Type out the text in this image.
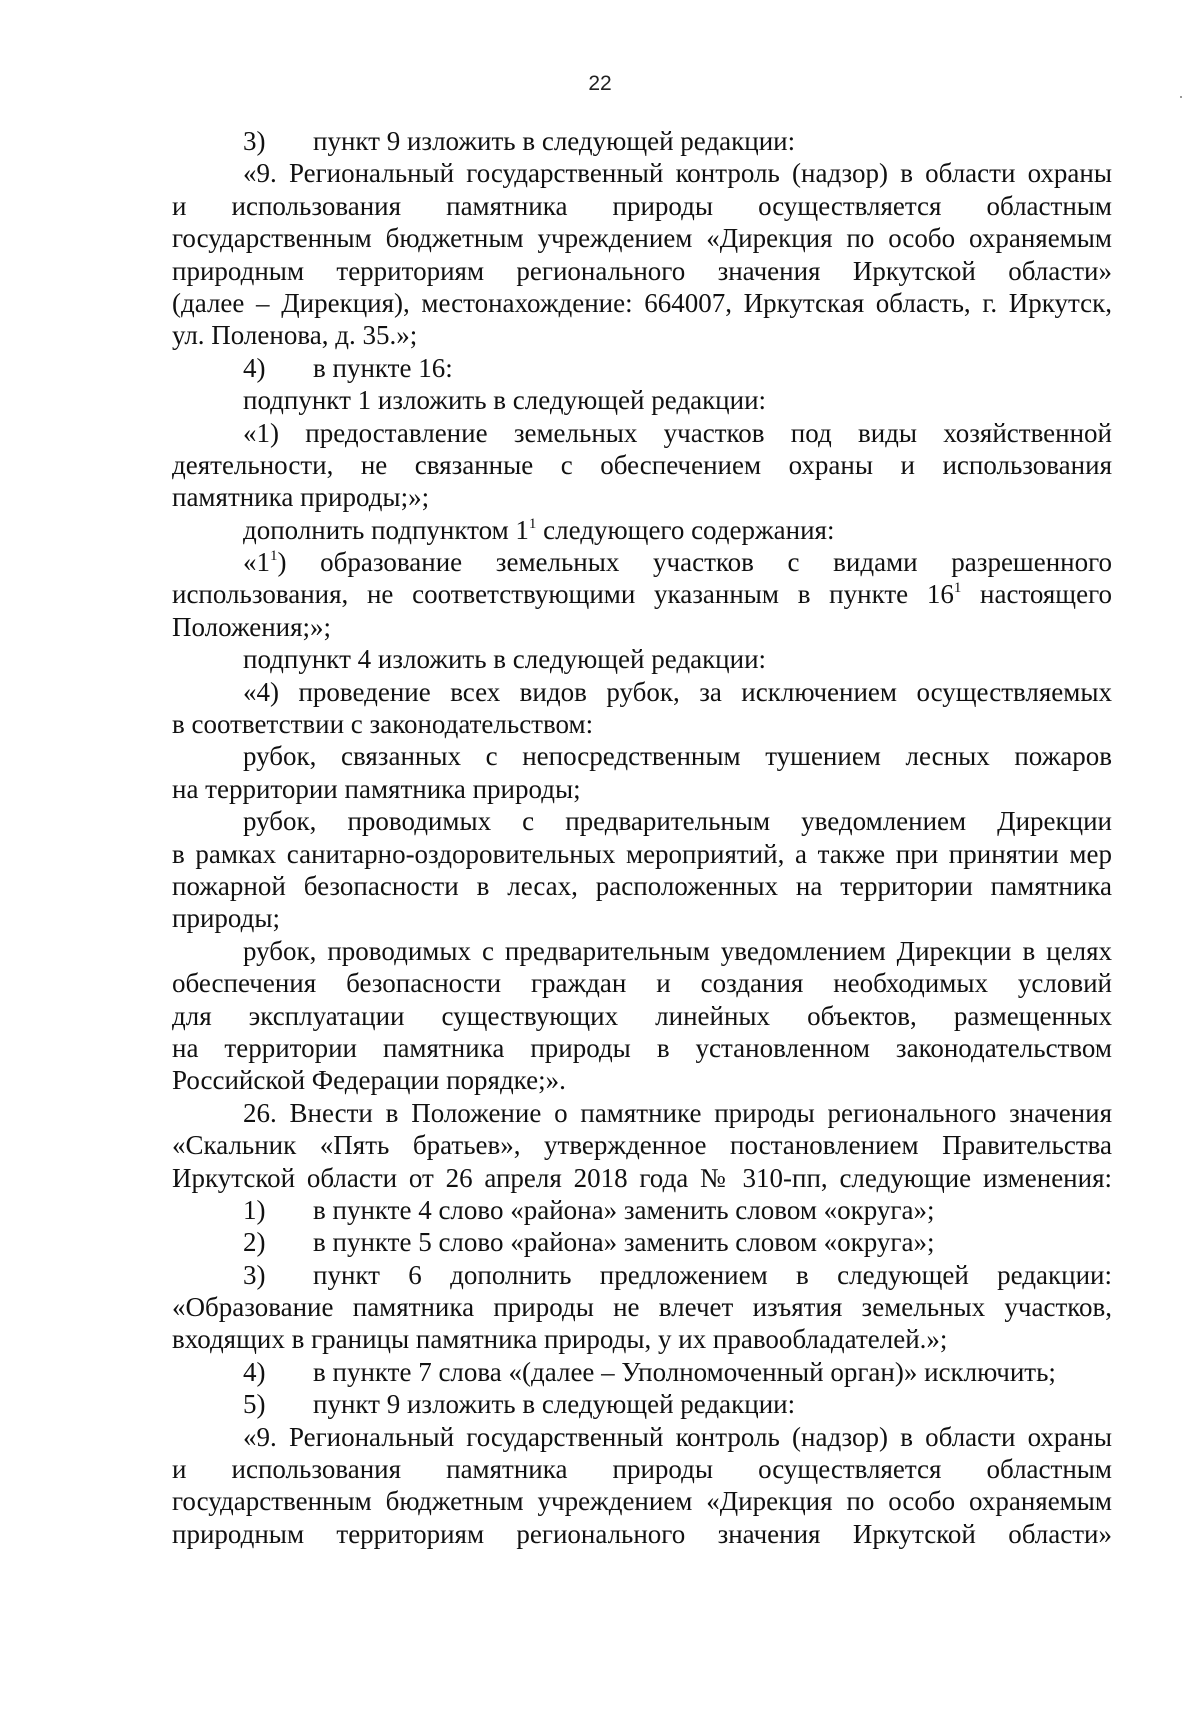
22
3)	пункт 9 изложить в следующей редакции:
«9. Региональный государственный контроль (надзор) в области охраны
и использования памятника природы осуществляется областным
государственным бюджетным учреждением «Дирекция по особо охраняемым
природным территориям регионального значения Иркутской области»
(далее – Дирекция), местонахождение: 664007, Иркутская область, г. Иркутск,
ул. Поленова, д. 35.»;
4)	в пункте 16:
подпункт 1 изложить в следующей редакции:
«1) предоставление земельных участков под виды хозяйственной
деятельности, не связанные с обеспечением охраны и использования
памятника природы;»;
дополнить подпунктом $1^1$ следующего содержания:
«$1^1$) образование земельных участков с видами разрешенного
использования, не соответствующими указанным в пункте $16^1$ настоящего
Положения;»;
подпункт 4 изложить в следующей редакции:
«4) проведение всех видов рубок, за исключением осуществляемых
в соответствии с законодательством:
рубок, связанных с непосредственным тушением лесных пожаров
на территории памятника природы;
рубок, проводимых с предварительным уведомлением Дирекции
в рамках санитарно-оздоровительных мероприятий, а также при принятии мер
пожарной безопасности в лесах, расположенных на территории памятника
природы;
рубок, проводимых с предварительным уведомлением Дирекции в целях
обеспечения безопасности граждан и создания необходимых условий
для эксплуатации существующих линейных объектов, размещенных
на территории памятника природы в установленном законодательством
Российской Федерации порядке;».
26. Внести в Положение о памятнике природы регионального значения
«Скальник «Пять братьев», утвержденное постановлением Правительства
Иркутской области от 26 апреля 2018 года № 310-пп, следующие изменения:
1)	в пункте 4 слово «района» заменить словом «округа»;
2)	в пункте 5 слово «района» заменить словом «округа»;
3)	пункт 6 дополнить предложением в следующей редакции:
«Образование памятника природы не влечет изъятия земельных участков,
входящих в границы памятника природы, у их правообладателей.»;
4)	в пункте 7 слова «(далее – Уполномоченный орган)» исключить;
5)	пункт 9 изложить в следующей редакции:
«9. Региональный государственный контроль (надзор) в области охраны
и использования памятника природы осуществляется областным
государственным бюджетным учреждением «Дирекция по особо охраняемым
природным территориям регионального значения Иркутской области»
